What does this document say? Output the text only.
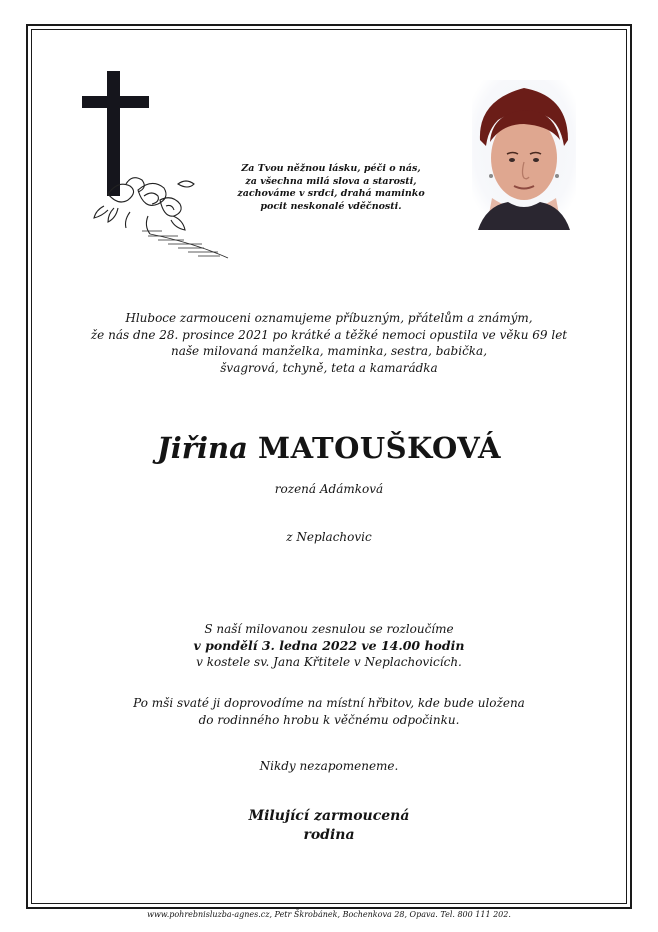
Za Tvou něžnou lásku, péči o nás,
za všechna milá slova a starosti,
zachováme v srdci, drahá maminko
pocit neskonalé vděčnosti.
Hluboce zarmouceni oznamujeme příbuzným, přátelům a známým,
že nás dne 28. prosince 2021 po krátké a těžké nemoci opustila ve věku 69 let
naše milovaná manželka, maminka, sestra, babička,
švagrová, tchyně, teta a kamarádka
Jiřina MATOUŠKOVÁ
rozená Adámková
z Neplachovic
S naší milovanou zesnulou se rozloučíme
v pondělí 3. ledna 2022 ve 14.00 hodin
v kostele sv. Jana Křtitele v Neplachovicích.
Po mši svaté ji doprovodíme na místní hřbitov, kde bude uložena
do rodinného hrobu k věčnému odpočinku.
Nikdy nezapomeneme.
Milující zarmoucená
rodina
www.pohrebnisluzba-agnes.cz, Petr Škrobánek, Bochenkova 28, Opava. Tel. 800 111 202.
